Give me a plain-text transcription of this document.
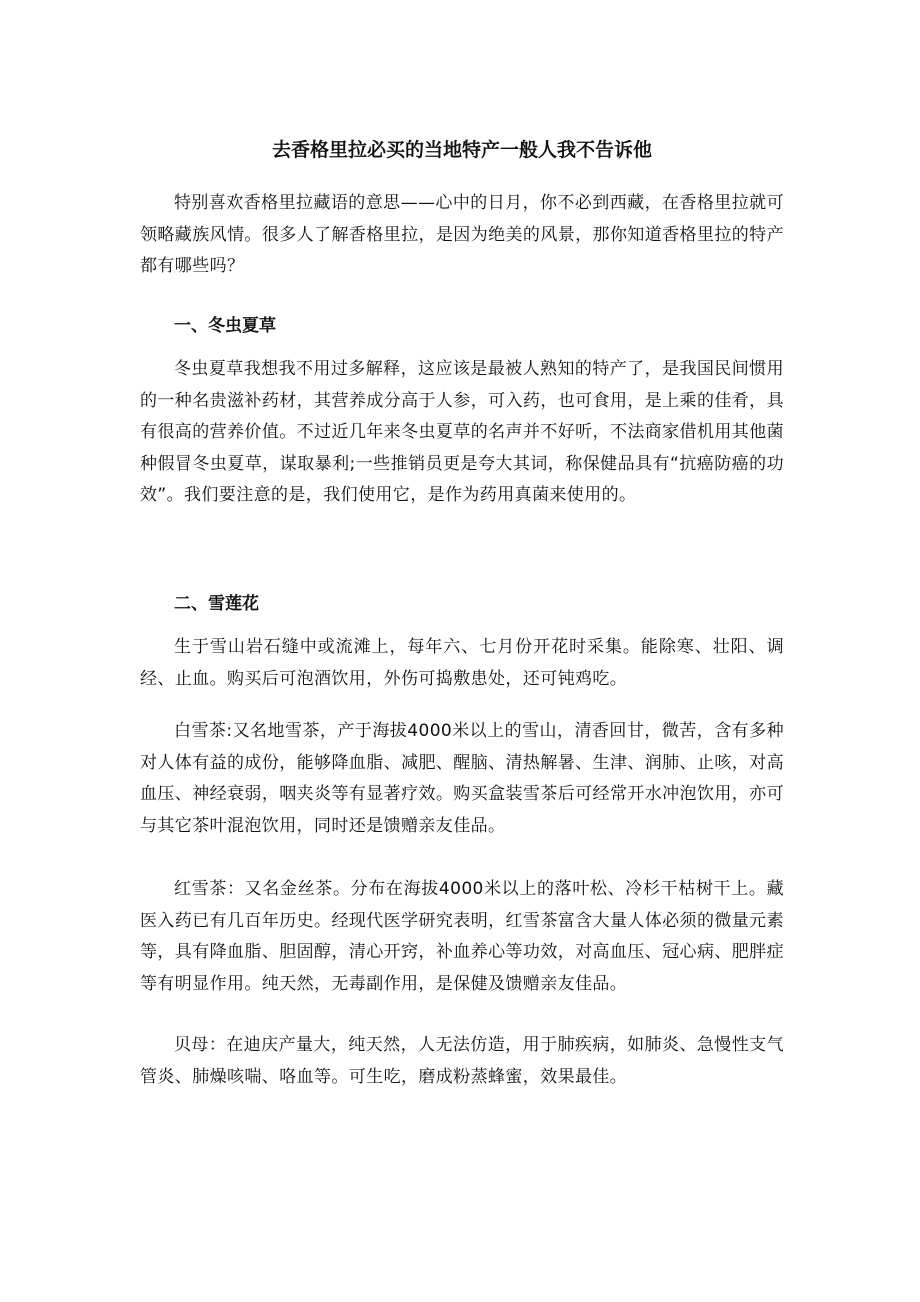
去香格里拉必买的当地特产一般人我不告诉他

特别喜欢香格里拉藏语的意思——心中的日月，你不必到西藏，在香格里拉就可领略藏族风情。很多人了解香格里拉，是因为绝美的风景，那你知道香格里拉的特产都有哪些吗？

一、冬虫夏草

冬虫夏草我想我不用过多解释，这应该是最被人熟知的特产了，是我国民间惯用的一种名贵滋补药材，其营养成分高于人参，可入药，也可食用，是上乘的佳肴，具有很高的营养价值。不过近几年来冬虫夏草的名声并不好听，不法商家借机用其他菌种假冒冬虫夏草，谋取暴利;一些推销员更是夸大其词，称保健品具有“抗癌防癌的功效”。我们要注意的是，我们使用它，是作为药用真菌来使用的。

二、雪莲花

生于雪山岩石缝中或流滩上，每年六、七月份开花时采集。能除寒、壮阳、调经、止血。购买后可泡酒饮用，外伤可捣敷患处，还可钝鸡吃。

白雪茶:又名地雪茶，产于海拔4000米以上的雪山，清香回甘，微苦，含有多种对人体有益的成份，能够降血脂、减肥、醒脑、清热解暑、生津、润肺、止咳，对高血压、神经衰弱，咽夹炎等有显著疗效。购买盒装雪茶后可经常开水冲泡饮用，亦可与其它茶叶混泡饮用，同时还是馈赠亲友佳品。

红雪茶：又名金丝茶。分布在海拔4000米以上的落叶松、冷杉干枯树干上。藏医入药已有几百年历史。经现代医学研究表明，红雪茶富含大量人体必须的微量元素等，具有降血脂、胆固醇，清心开窍，补血养心等功效，对高血压、冠心病、肥胖症等有明显作用。纯天然，无毒副作用，是保健及馈赠亲友佳品。

贝母：在迪庆产量大，纯天然，人无法仿造，用于肺疾病，如肺炎、急慢性支气管炎、肺燥咳喘、咯血等。可生吃，磨成粉蒸蜂蜜，效果最佳。
